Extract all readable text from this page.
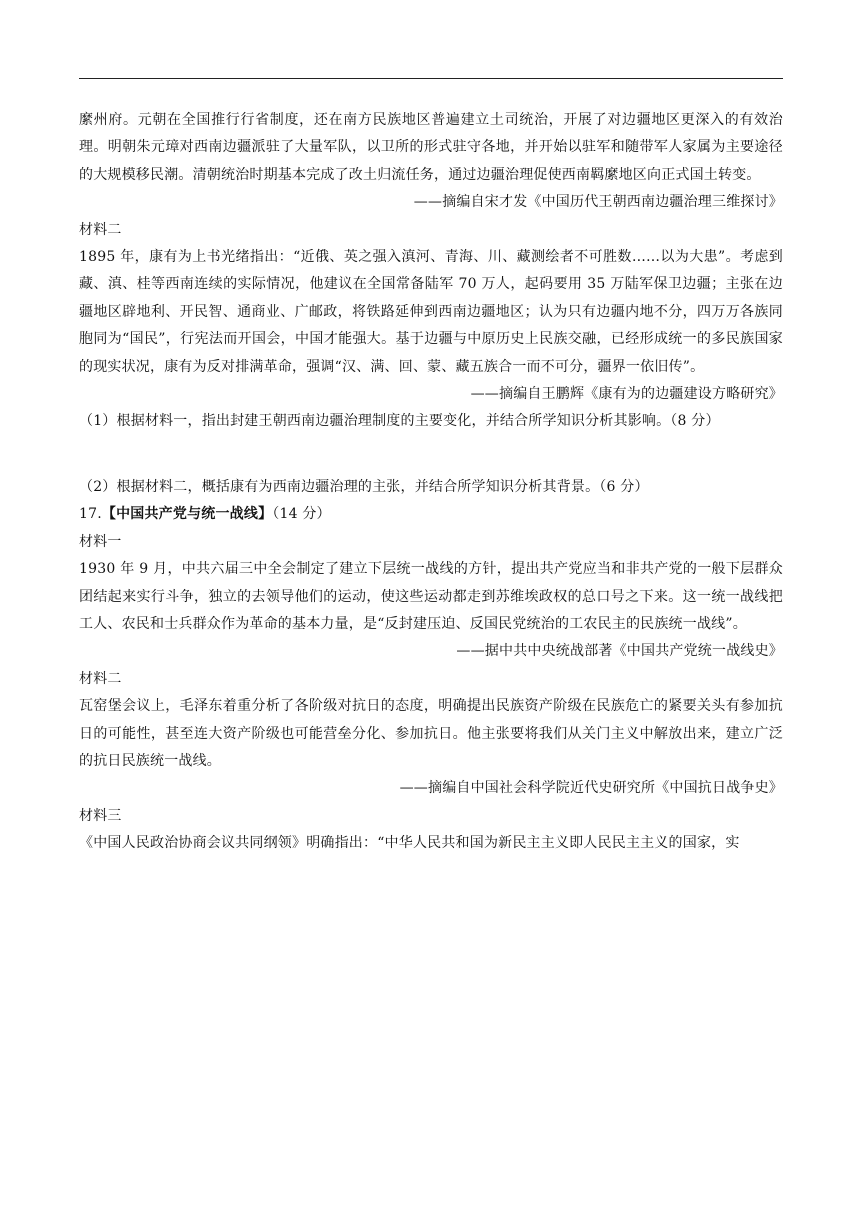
縻州府。元朝在全国推行行省制度，还在南方民族地区普遍建立土司统治，开展了对边疆地区更深入的有效治理。明朝朱元璋对西南边疆派驻了大量军队，以卫所的形式驻守各地，并开始以驻军和随带军人家属为主要途径的大规模移民潮。清朝统治时期基本完成了改土归流任务，通过边疆治理促使西南羁縻地区向正式国土转变。

——摘编自宋才发《中国历代王朝西南边疆治理三维探讨》

材料二

1895 年，康有为上书光绪指出：“近俄、英之强入滇河、青海、川、藏测绘者不可胜数……以为大患”。考虑到藏、滇、桂等西南连续的实际情况，他建议在全国常备陆军 70 万人，起码要用 35 万陆军保卫边疆；主张在边疆地区辟地利、开民智、通商业、广邮政，将铁路延伸到西南边疆地区；认为只有边疆内地不分，四万万各族同胞同为“国民”，行宪法而开国会，中国才能强大。基于边疆与中原历史上民族交融，已经形成统一的多民族国家的现实状况，康有为反对排满革命，强调“汉、满、回、蒙、藏五族合一而不可分，疆界一依旧传”。

——摘编自王鹏辉《康有为的边疆建设方略研究》

（1）根据材料一，指出封建王朝西南边疆治理制度的主要变化，并结合所学知识分析其影响。（8 分）

（2）根据材料二，概括康有为西南边疆治理的主张，并结合所学知识分析其背景。（6 分）

17.【中国共产党与统一战线】（14 分）

材料一

1930 年 9 月，中共六届三中全会制定了建立下层统一战线的方针，提出共产党应当和非共产党的一般下层群众团结起来实行斗争，独立的去领导他们的运动，使这些运动都走到苏维埃政权的总口号之下来。这一统一战线把工人、农民和士兵群众作为革命的基本力量，是“反封建压迫、反国民党统治的工农民主的民族统一战线”。

——据中共中央统战部著《中国共产党统一战线史》

材料二

瓦窑堡会议上，毛泽东着重分析了各阶级对抗日的态度，明确提出民族资产阶级在民族危亡的紧要关头有参加抗日的可能性，甚至连大资产阶级也可能营垒分化、参加抗日。他主张要将我们从关门主义中解放出来，建立广泛的抗日民族统一战线。

——摘编自中国社会科学院近代史研究所《中国抗日战争史》

材料三

《中国人民政治协商会议共同纲领》明确指出：“中华人民共和国为新民主主义即人民民主主义的国家，实
